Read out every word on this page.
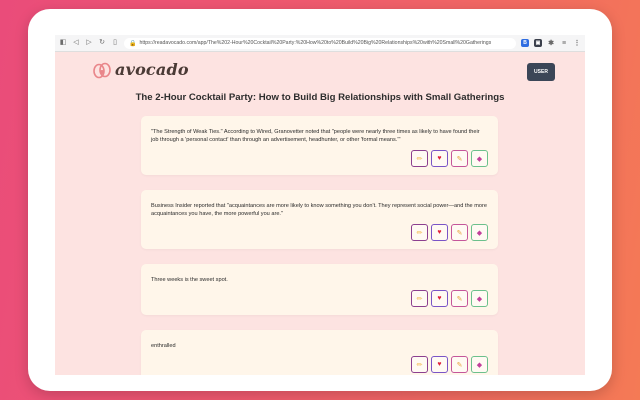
◧ ◁ ▷ ↻ ▯	🔒 https://readavocado.com/app/The%202-Hour%20Cocktail%20Party:%20How%20to%20Build%20Big%20Relationships%20with%20Small%20Gatherings	B	▣ ✱ ≡ ⋮
avocado	USER
The 2-Hour Cocktail Party: How to Build Big Relationships with Small Gatherings

"The Strength of Weak Ties." According to Wired, Granovetter noted that "people were nearly three times as likely to have found their job through a 'personal contact' than through an advertisement, headhunter, or other 'formal means.'"

✏ ♥ ✎ ◆

Business Insider reported that "acquaintances are more likely to know something you don't. They represent social power—and the more acquaintances you have, the more powerful you are."

✏ ♥ ✎ ◆

Three weeks is the sweet spot.

✏ ♥ ✎ ◆

enthralled

✏ ♥ ✎ ◆
